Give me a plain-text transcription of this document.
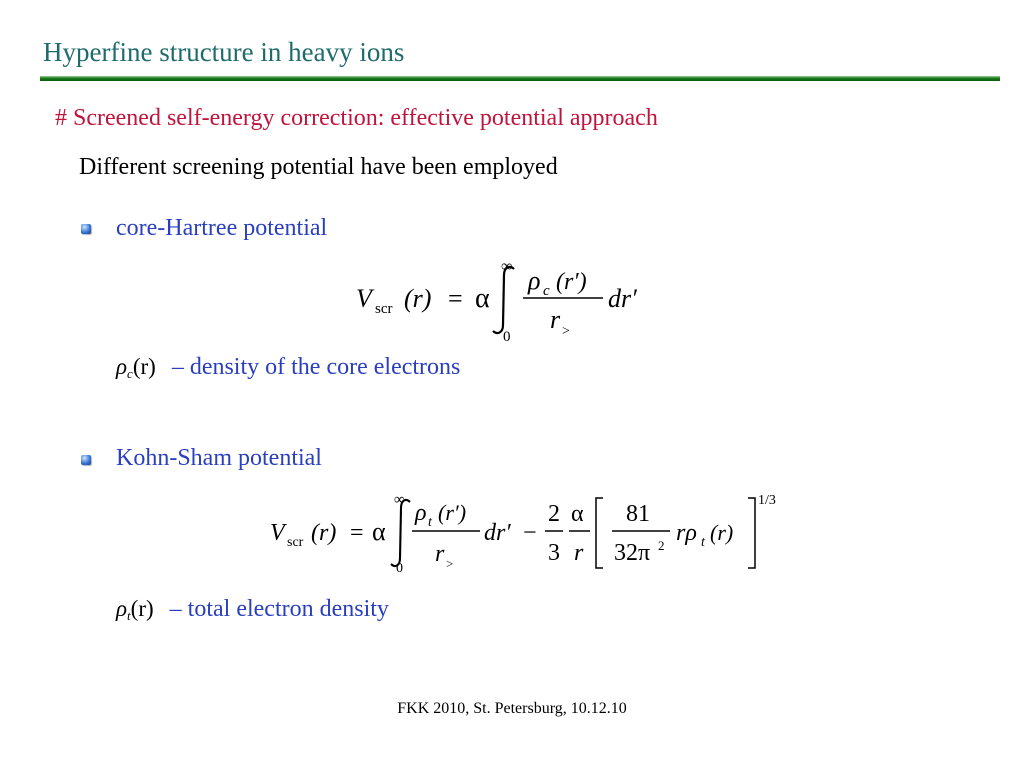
Hyperfine structure in heavy ions
# Screened self-energy correction: effective potential approach
Different screening potential have been employed
core-Hartree potential
V scr (r) = α
∞
0
ρ c (r′)
r >
dr′
$\rho_c(r)$ – density of the core electrons
Kohn-Sham potential
V scr (r) = α
∞
0
ρ t (r′)
r >
dr′ −
2
3
α
r
81
32π 2 rρ t (r)
1/3
$\rho_t(r)$ – total electron density
FKK 2010, St. Petersburg, 10.12.10
